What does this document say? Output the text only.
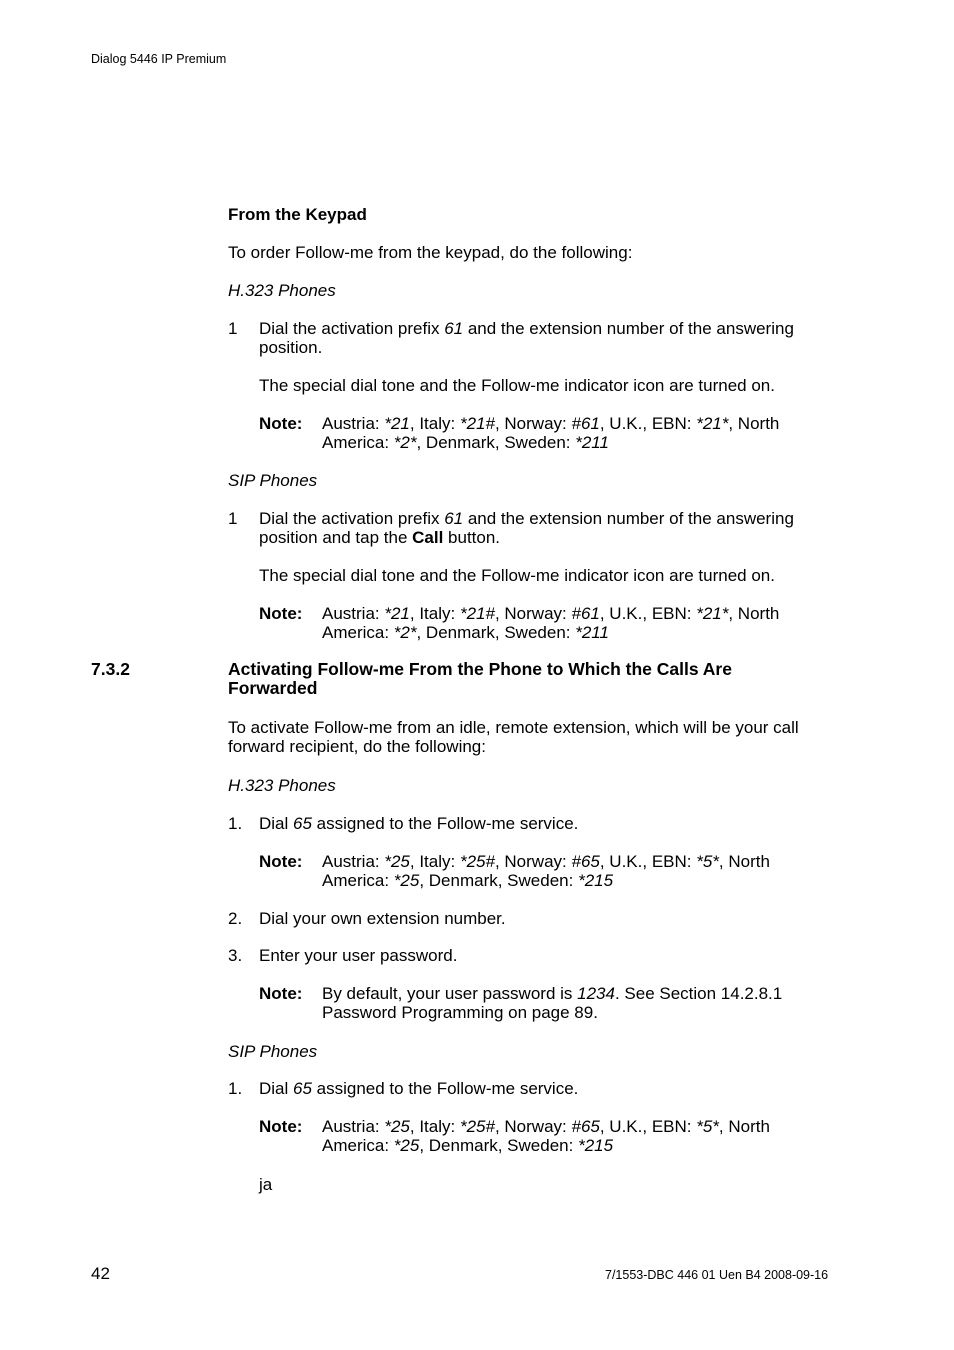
Dialog 5446 IP Premium
From the Keypad
To order Follow-me from the keypad, do the following:
H.323 Phones
1 Dial the activation prefix 61 and the extension number of the answering
position.
The special dial tone and the Follow-me indicator icon are turned on.
Note: Austria: *21, Italy: *21#, Norway: #61, U.K., EBN: *21*, North
America: *2*, Denmark, Sweden: *211
SIP Phones
1 Dial the activation prefix 61 and the extension number of the answering
position and tap the Call button.
The special dial tone and the Follow-me indicator icon are turned on.
Note: Austria: *21, Italy: *21#, Norway: #61, U.K., EBN: *21*, North
America: *2*, Denmark, Sweden: *211
7.3.2	Activating Follow-me From the Phone to Which the Calls Are
Forwarded
To activate Follow-me from an idle, remote extension, which will be your call
forward recipient, do the following:
H.323 Phones
1. Dial 65 assigned to the Follow-me service.
Note: Austria: *25, Italy: *25#, Norway: #65, U.K., EBN: *5*, North
America: *25, Denmark, Sweden: *215
2. Dial your own extension number.
3. Enter your user password.
Note: By default, your user password is 1234. See Section 14.2.8.1
Password Programming on page 89.
SIP Phones
1. Dial 65 assigned to the Follow-me service.
Note: Austria: *25, Italy: *25#, Norway: #65, U.K., EBN: *5*, North
America: *25, Denmark, Sweden: *215
ja
42	7/1553-DBC 446 01 Uen B4 2008-09-16
